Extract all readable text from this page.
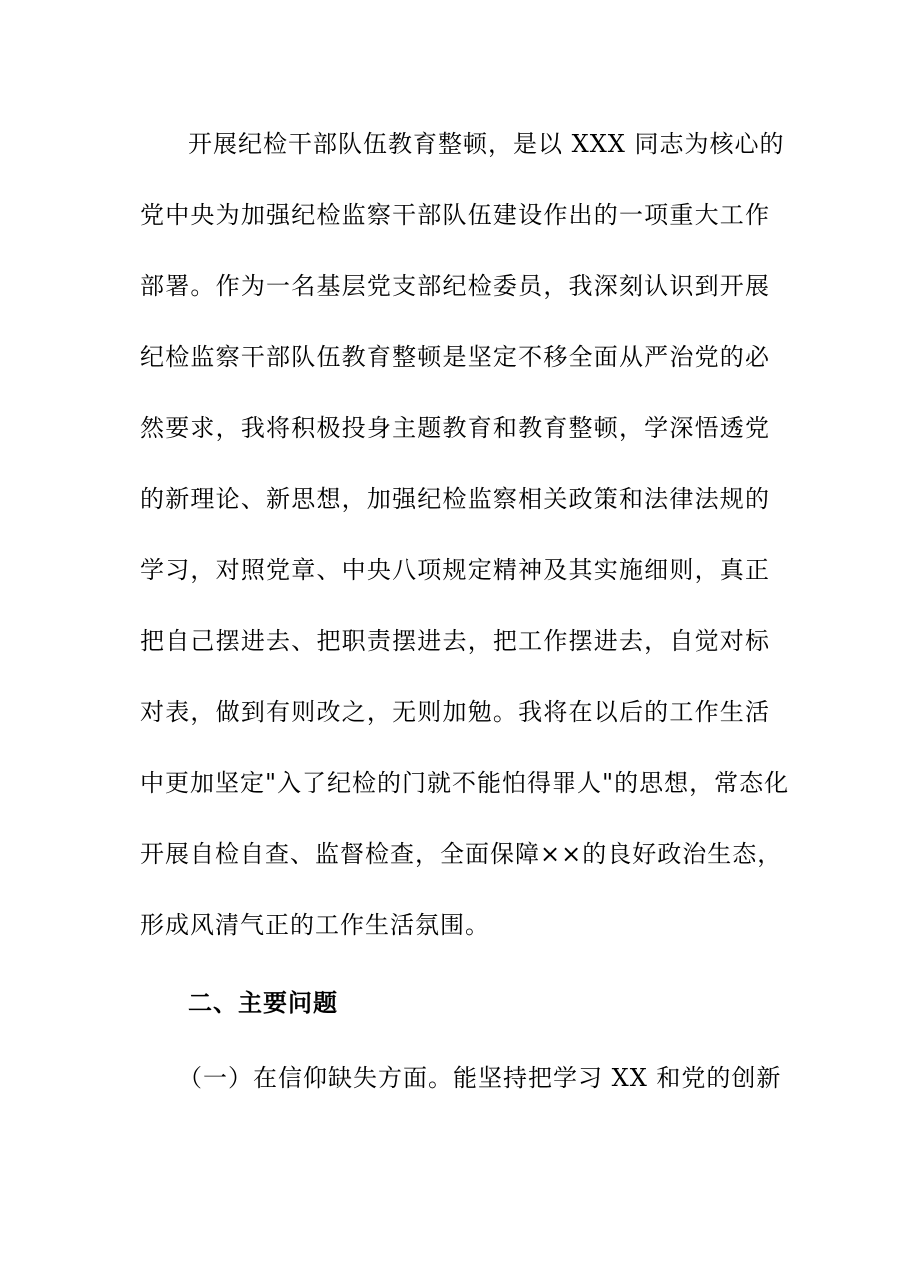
开展纪检干部队伍教育整顿，是以 XXX 同志为核心的
党中央为加强纪检监察干部队伍建设作出的一项重大工作
部署。作为一名基层党支部纪检委员，我深刻认识到开展
纪检监察干部队伍教育整顿是坚定不移全面从严治党的必
然要求，我将积极投身主题教育和教育整顿，学深悟透党
的新理论、新思想，加强纪检监察相关政策和法律法规的
学习，对照党章、中央八项规定精神及其实施细则，真正
把自己摆进去、把职责摆进去，把工作摆进去，自觉对标
对表，做到有则改之，无则加勉。我将在以后的工作生活
中更加坚定"入了纪检的门就不能怕得罪人"的思想，常态化
开展自检自查、监督检查，全面保障××的良好政治生态，
形成风清气正的工作生活氛围。
二、主要问题
（一）在信仰缺失方面。能坚持把学习 XX 和党的创新
